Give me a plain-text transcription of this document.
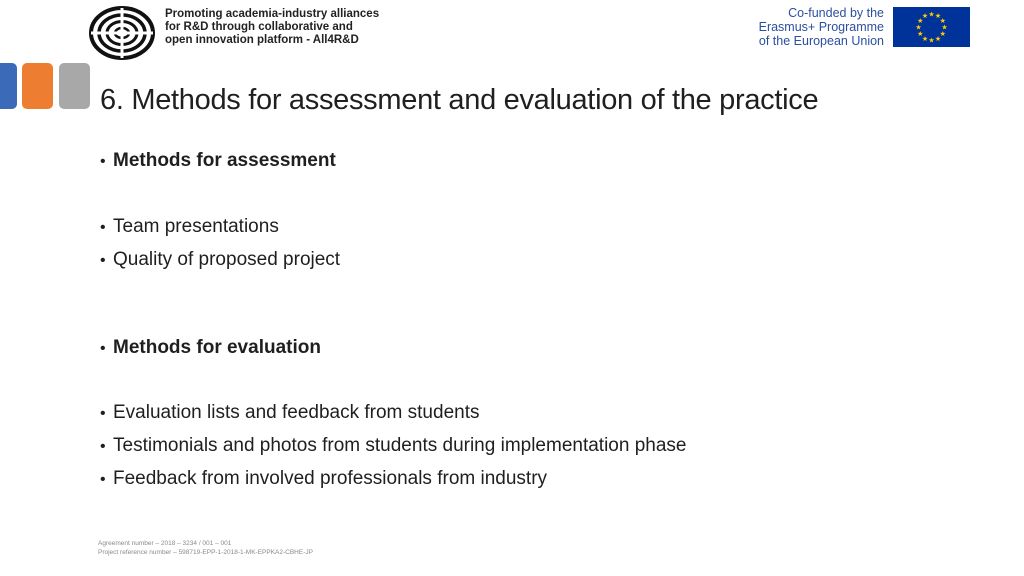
Promoting academia-industry alliances
for R&D through collaborative and
open innovation platform - All4R&D
Co-funded by the
Erasmus+ Programme
of the European Union
★
★
★
★
★
★
★
★
★ ★ ★
★
6. Methods for assessment and evaluation of the practice
• Methods for assessment
• Team presentations
• Quality of proposed project
• Methods for evaluation
• Evaluation lists and feedback from students
• Testimonials and photos from students during implementation phase
• Feedback from involved professionals from industry
Agreement number – 2018 – 3234 / 001 – 001
Project reference number – 598719-EPP-1-2018-1-MK-EPPKA2-CBHE-JP
